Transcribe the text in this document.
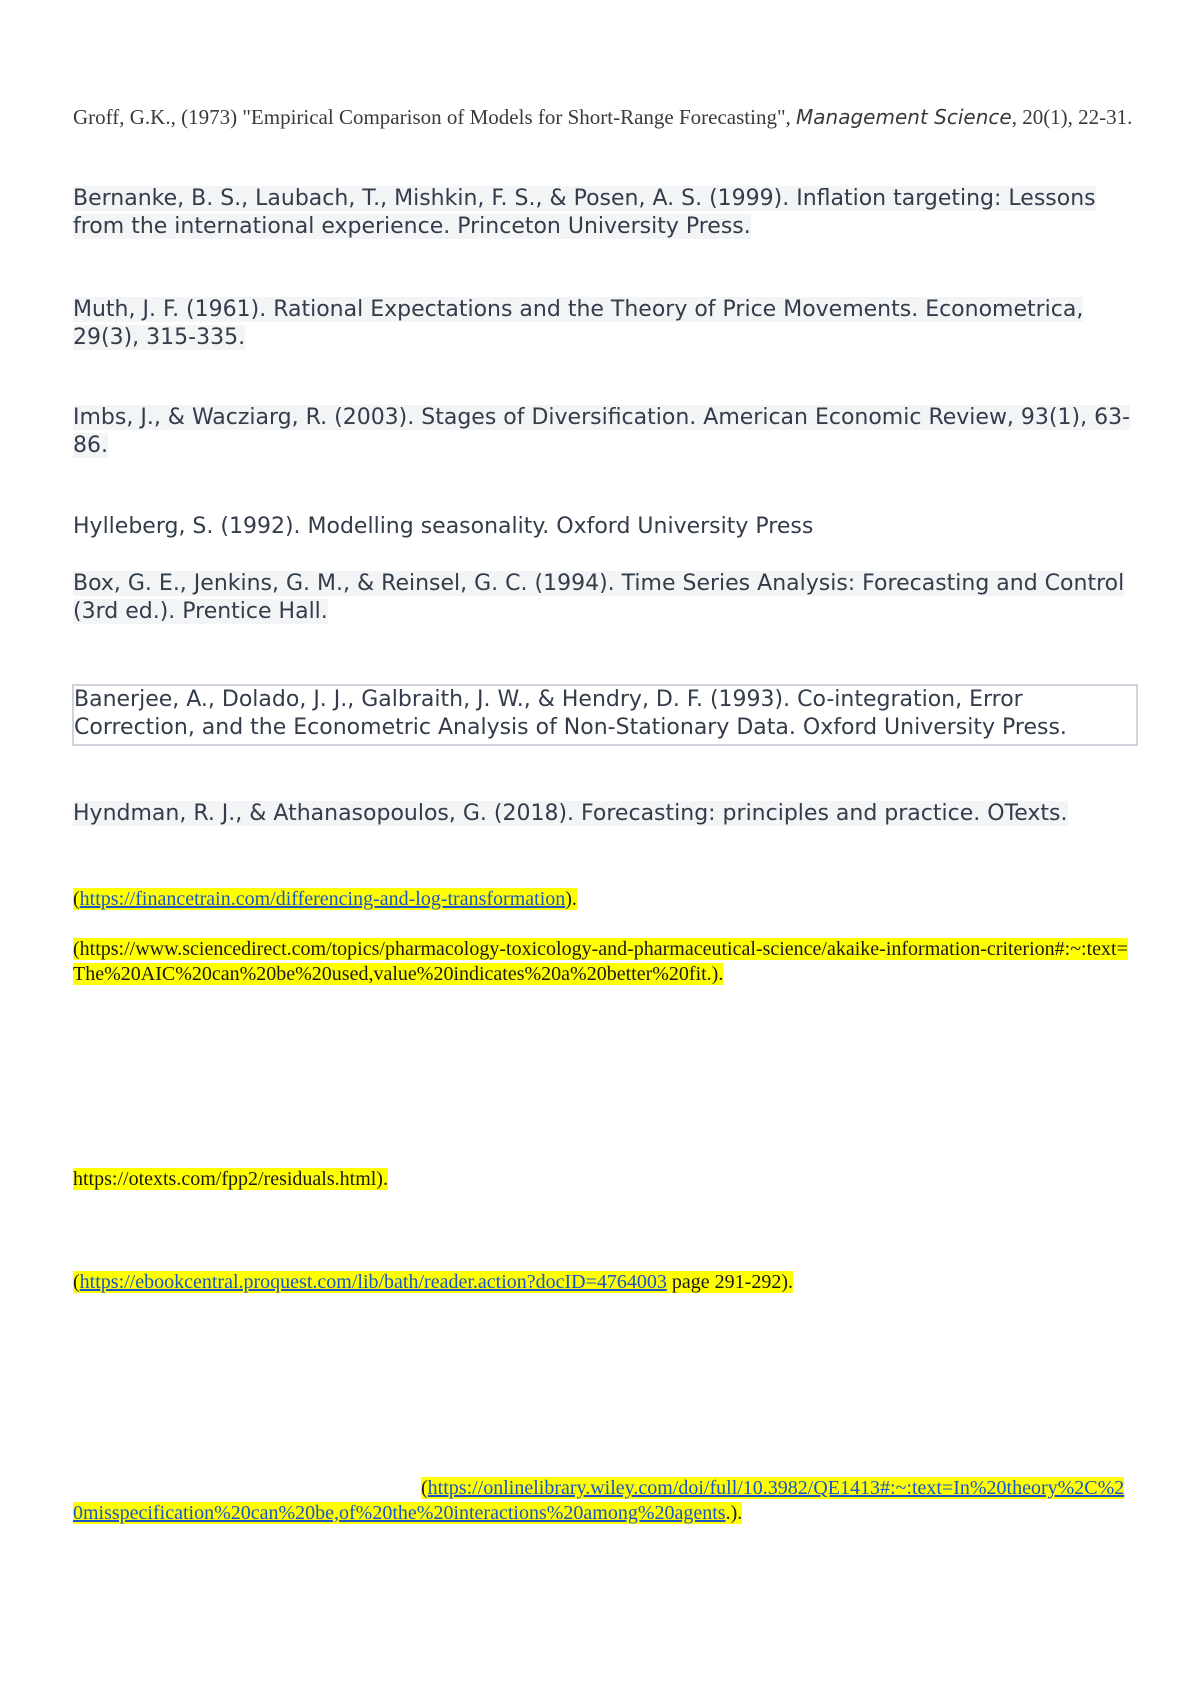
Groff, G.K., (1973) "Empirical Comparison of Models for Short-Range Forecasting", Management Science, 20(1), 22-31.

Bernanke, B. S., Laubach, T., Mishkin, F. S., & Posen, A. S. (1999). Inflation targeting: Lessons from the international experience. Princeton University Press.

Muth, J. F. (1961). Rational Expectations and the Theory of Price Movements. Econometrica, 29(3), 315-335.

Imbs, J., & Wacziarg, R. (2003). Stages of Diversification. American Economic Review, 93(1), 63-86.

Hylleberg, S. (1992). Modelling seasonality. Oxford University Press

Box, G. E., Jenkins, G. M., & Reinsel, G. C. (1994). Time Series Analysis: Forecasting and Control (3rd ed.). Prentice Hall.

Banerjee, A., Dolado, J. J., Galbraith, J. W., & Hendry, D. F. (1993). Co-integration, Error Correction, and the Econometric Analysis of Non-Stationary Data. Oxford University Press.

Hyndman, R. J., & Athanasopoulos, G. (2018). Forecasting: principles and practice. OTexts.

(https://financetrain.com/differencing-and-log-transformation).

(https://www.sciencedirect.com/topics/pharmacology-toxicology-and-pharmaceutical-science/akaike-information-criterion#:~:text=The%20AIC%20can%20be%20used,value%20indicates%20a%20better%20fit.).

https://otexts.com/fpp2/residuals.html).

(https://ebookcentral.proquest.com/lib/bath/reader.action?docID=4764003 page 291-292).

(https://onlinelibrary.wiley.com/doi/full/10.3982/QE1413#:~:text=In%20theory%2C%20misspecification%20can%20be,of%20the%20interactions%20among%20agents.).
